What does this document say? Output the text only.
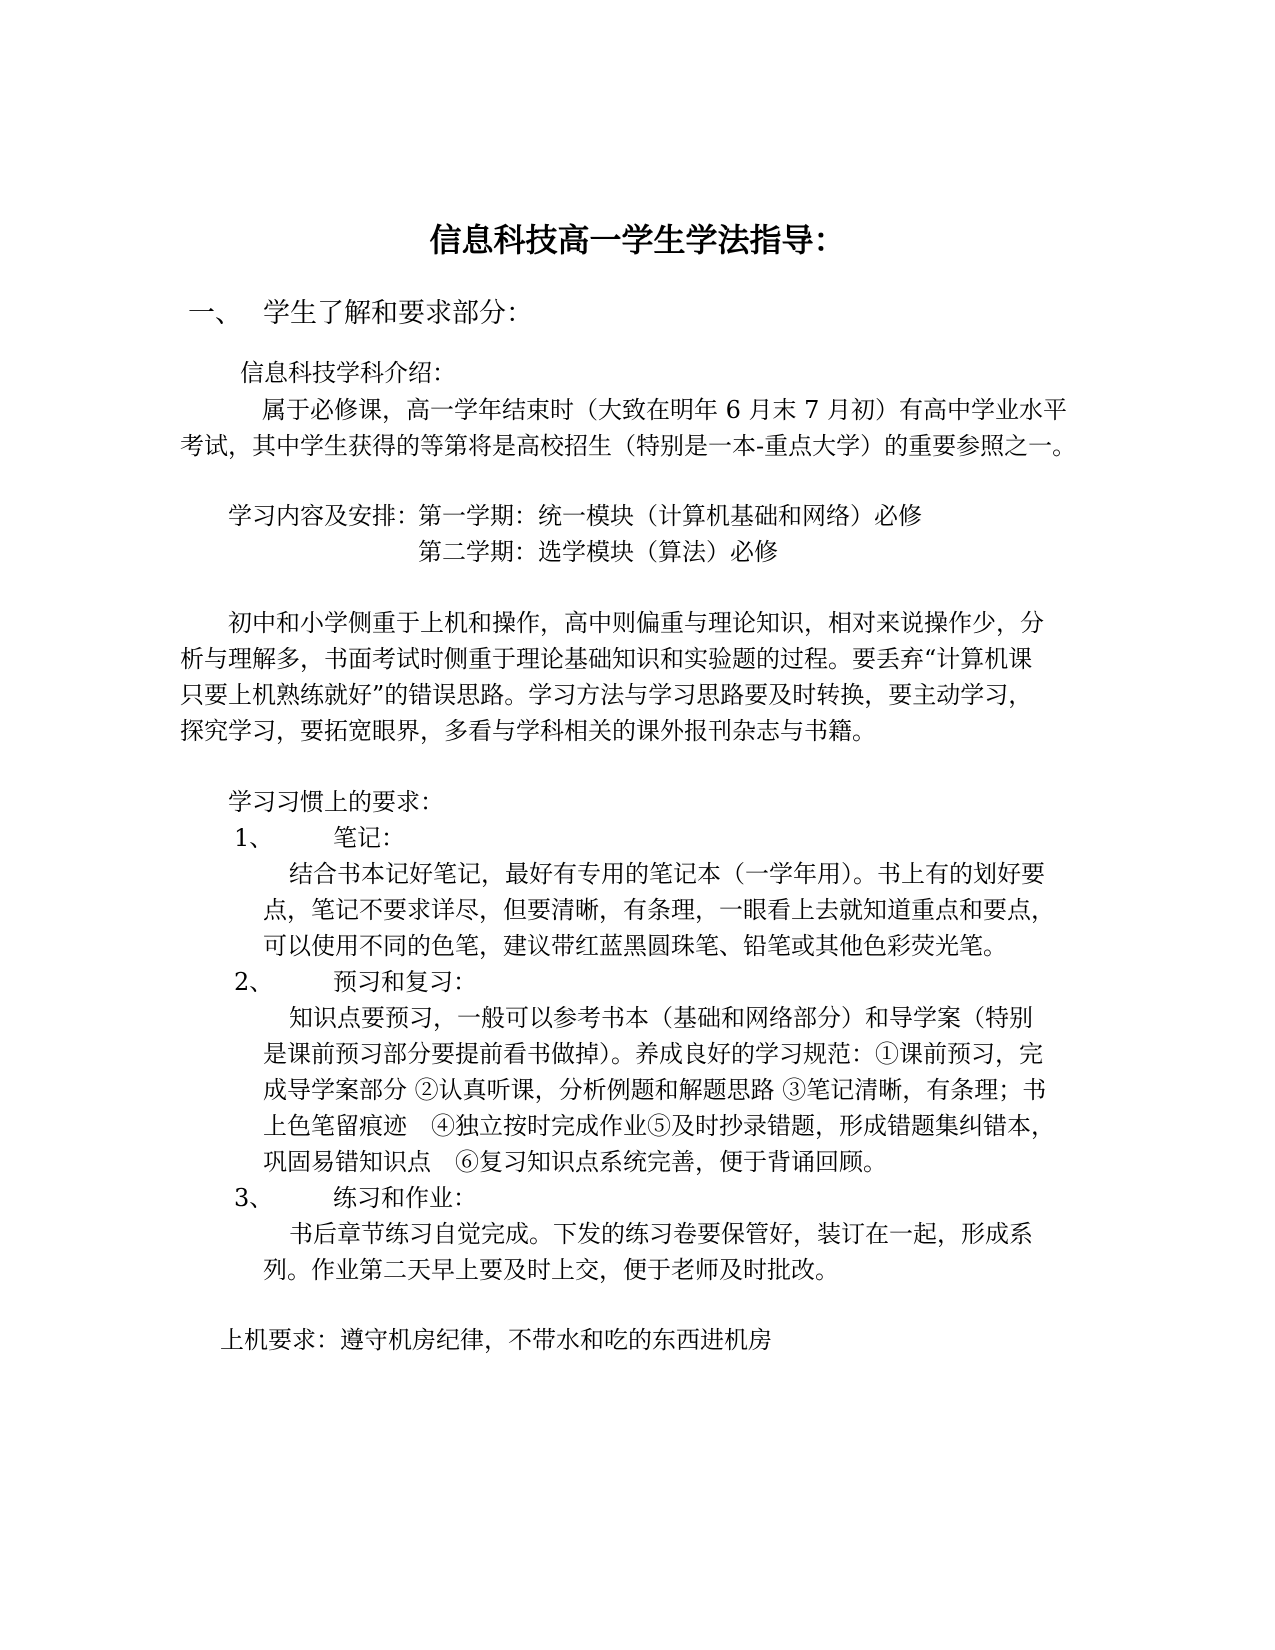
信息科技高一学生学法指导：
一、 学生了解和要求部分：
信息科技学科介绍：
属于必修课，高一学年结束时（大致在明年 6 月末 7 月初）有高中学业水平
考试，其中学生获得的等第将是高校招生（特别是一本-重点大学）的重要参照之一。
学习内容及安排：
第一学期：统一模块（计算机基础和网络）必修
第二学期：选学模块（算法）必修
初中和小学侧重于上机和操作，高中则偏重与理论知识，相对来说操作少，分
析与理解多，书面考试时侧重于理论基础知识和实验题的过程。要丢弃“计算机课
只要上机熟练就好”的错误思路。学习方法与学习思路要及时转换，要主动学习，
探究学习，要拓宽眼界，多看与学科相关的课外报刊杂志与书籍。
学习习惯上的要求：
1、 笔记：
结合书本记好笔记，最好有专用的笔记本（一学年用）。书上有的划好要
点，笔记不要求详尽，但要清晰，有条理，一眼看上去就知道重点和要点，
可以使用不同的色笔，建议带红蓝黑圆珠笔、铅笔或其他色彩荧光笔。
2、 预习和复习：
知识点要预习，一般可以参考书本（基础和网络部分）和导学案（特别
是课前预习部分要提前看书做掉）。养成良好的学习规范：①课前预习，完
成导学案部分 ②认真听课，分析例题和解题思路 ③笔记清晰，有条理；书
上色笔留痕迹　④独立按时完成作业⑤及时抄录错题，形成错题集纠错本，
巩固易错知识点　⑥复习知识点系统完善，便于背诵回顾。
3、 练习和作业：
书后章节练习自觉完成。下发的练习卷要保管好，装订在一起，形成系
列。作业第二天早上要及时上交，便于老师及时批改。
上机要求：遵守机房纪律，不带水和吃的东西进机房
